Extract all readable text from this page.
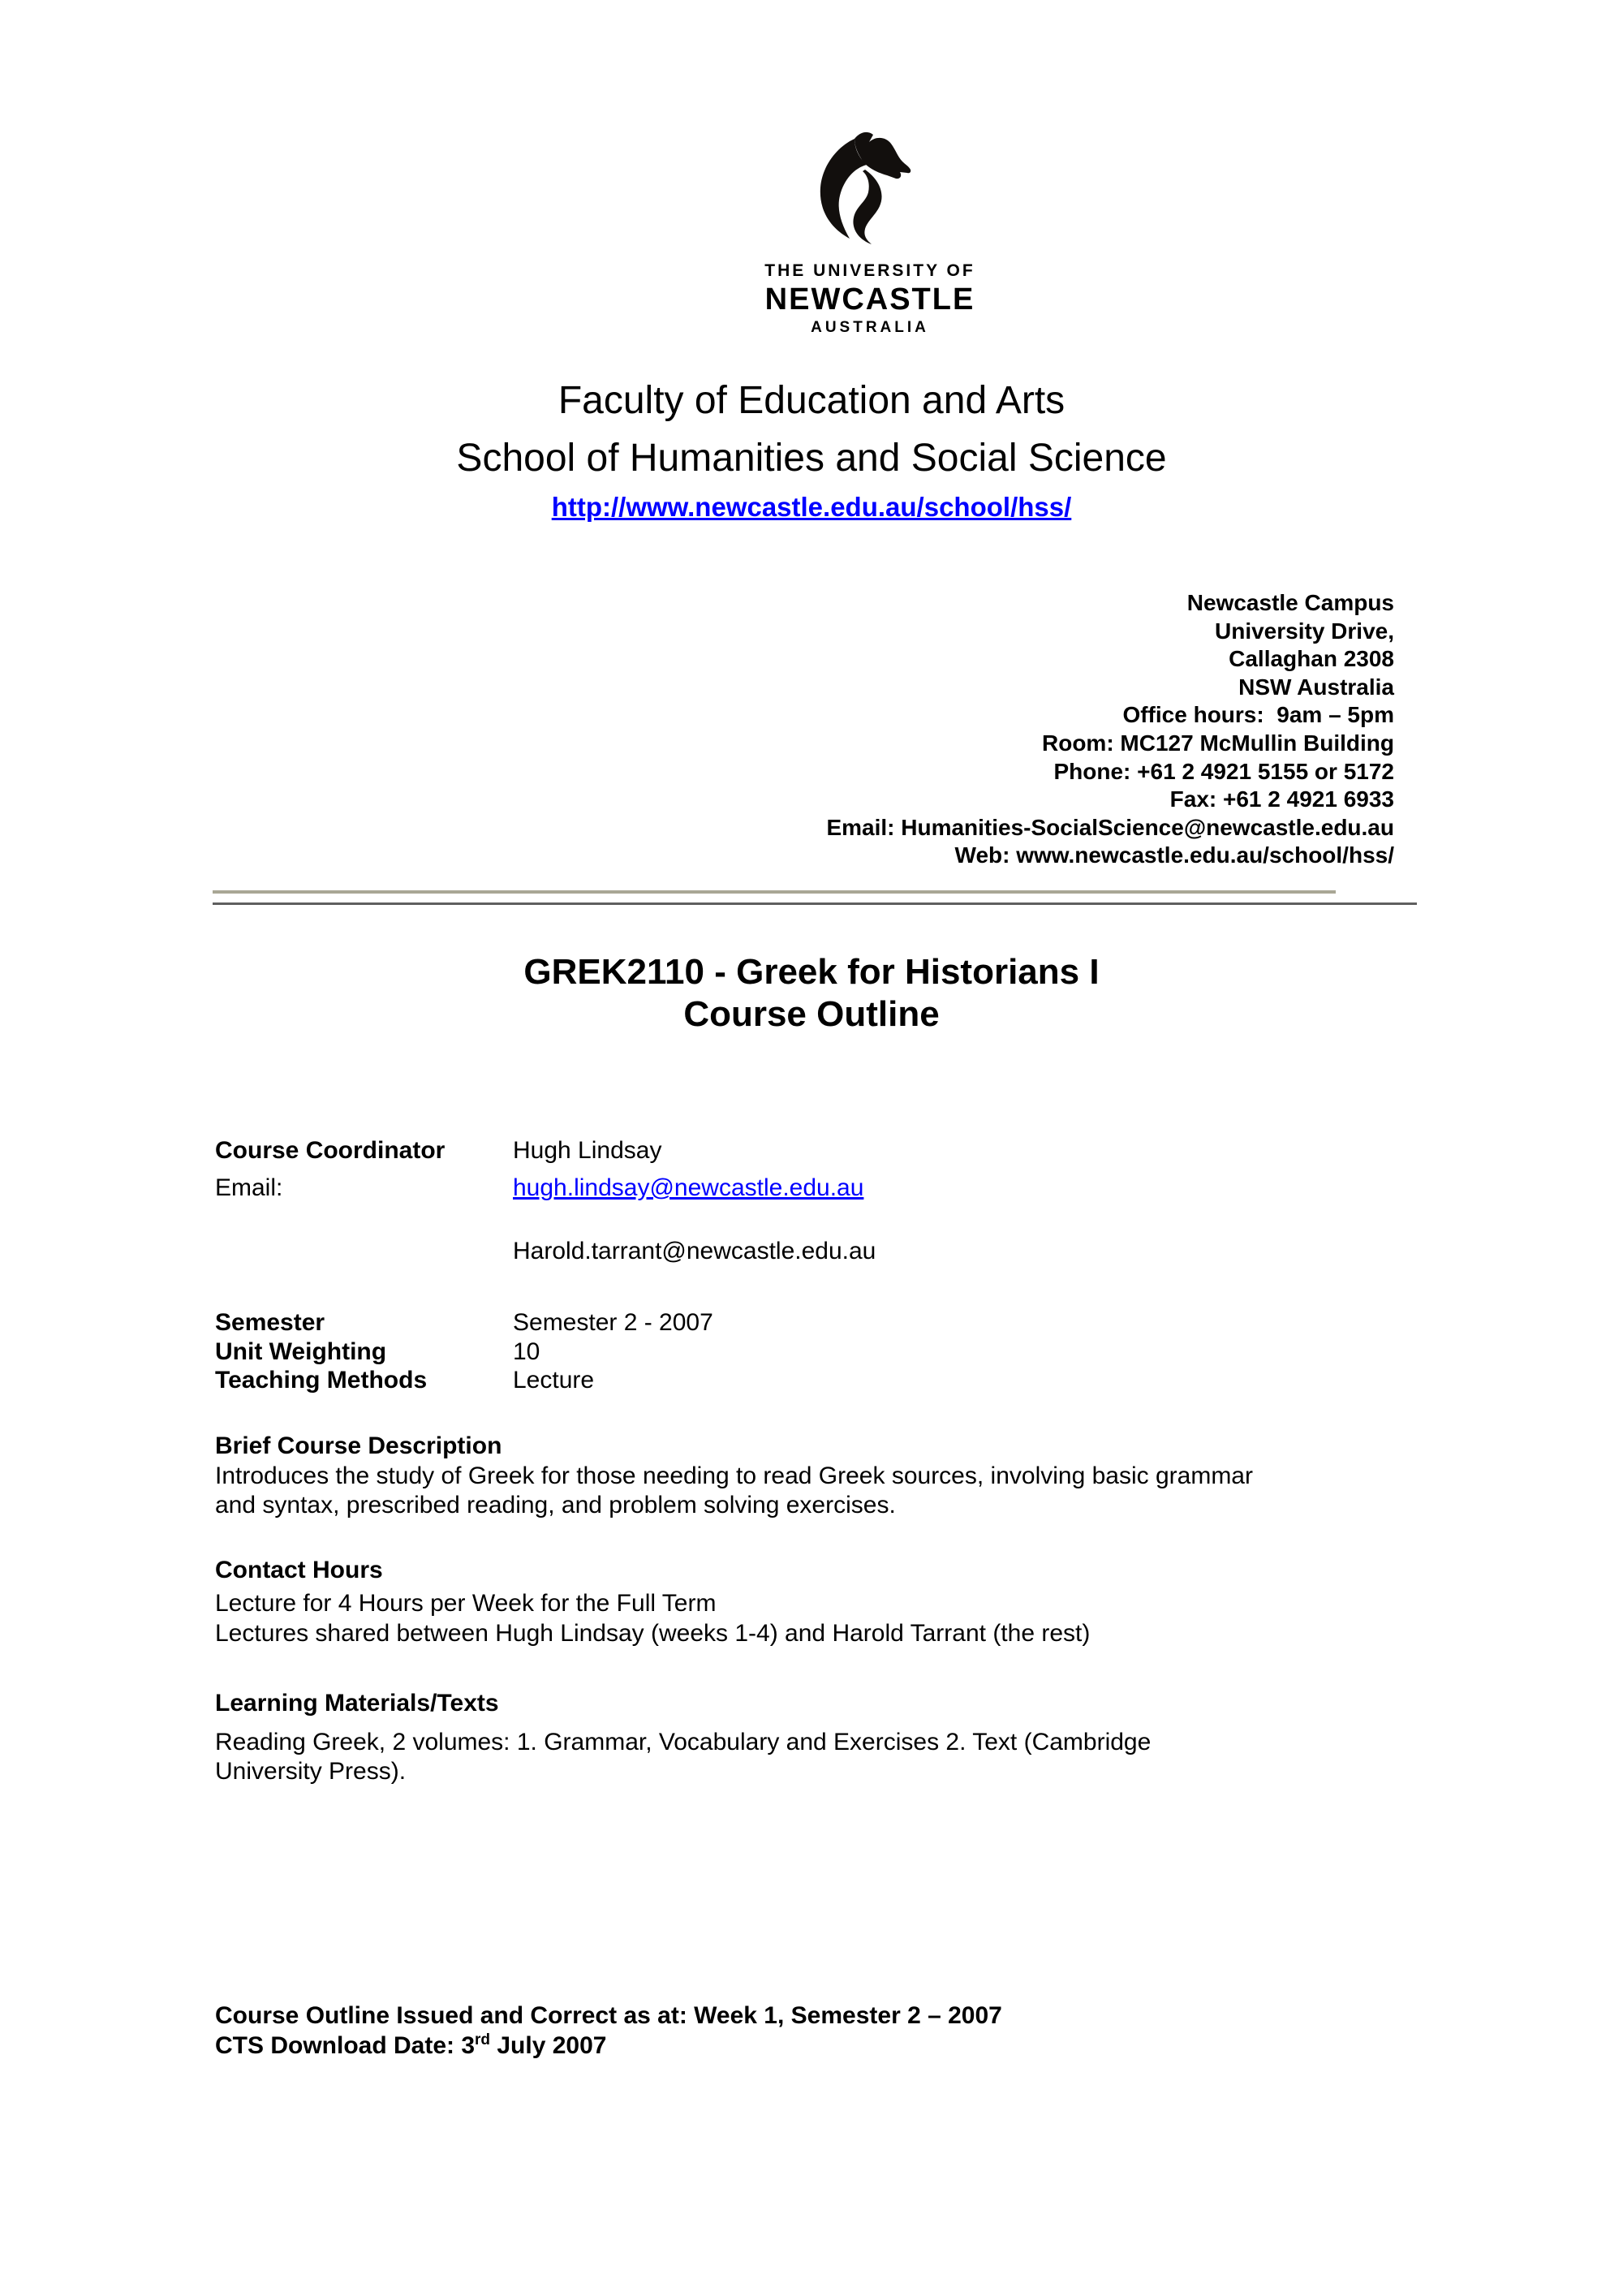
THE UNIVERSITY OF
NEWCASTLE
AUSTRALIA
Faculty of Education and Arts
School of Humanities and Social Science
http://www.newcastle.edu.au/school/hss/
Newcastle Campus
University Drive,
Callaghan 2308
NSW Australia
Office hours:  9am – 5pm
Room: MC127 McMullin Building
Phone: +61 2 4921 5155 or 5172
Fax: +61 2 4921 6933
Email: Humanities-SocialScience@newcastle.edu.au
Web: www.newcastle.edu.au/school/hss/
GREK2110 - Greek for Historians I
Course Outline
Course Coordinator	Hugh Lindsay
Email:	hugh.lindsay@newcastle.edu.au
Harold.tarrant@newcastle.edu.au
Semester	Semester 2 - 2007
Unit Weighting	10
Teaching Methods	Lecture
Brief Course Description
Introduces the study of Greek for those needing to read Greek sources, involving basic grammar
and syntax, prescribed reading, and problem solving exercises.
Contact Hours
Lecture for 4 Hours per Week for the Full Term
Lectures shared between Hugh Lindsay (weeks 1-4) and Harold Tarrant (the rest)
Learning Materials/Texts
Reading Greek, 2 volumes: 1. Grammar, Vocabulary and Exercises 2. Text (Cambridge
University Press).
Course Outline Issued and Correct as at: Week 1, Semester 2 – 2007
CTS Download Date: 3rd July 2007
